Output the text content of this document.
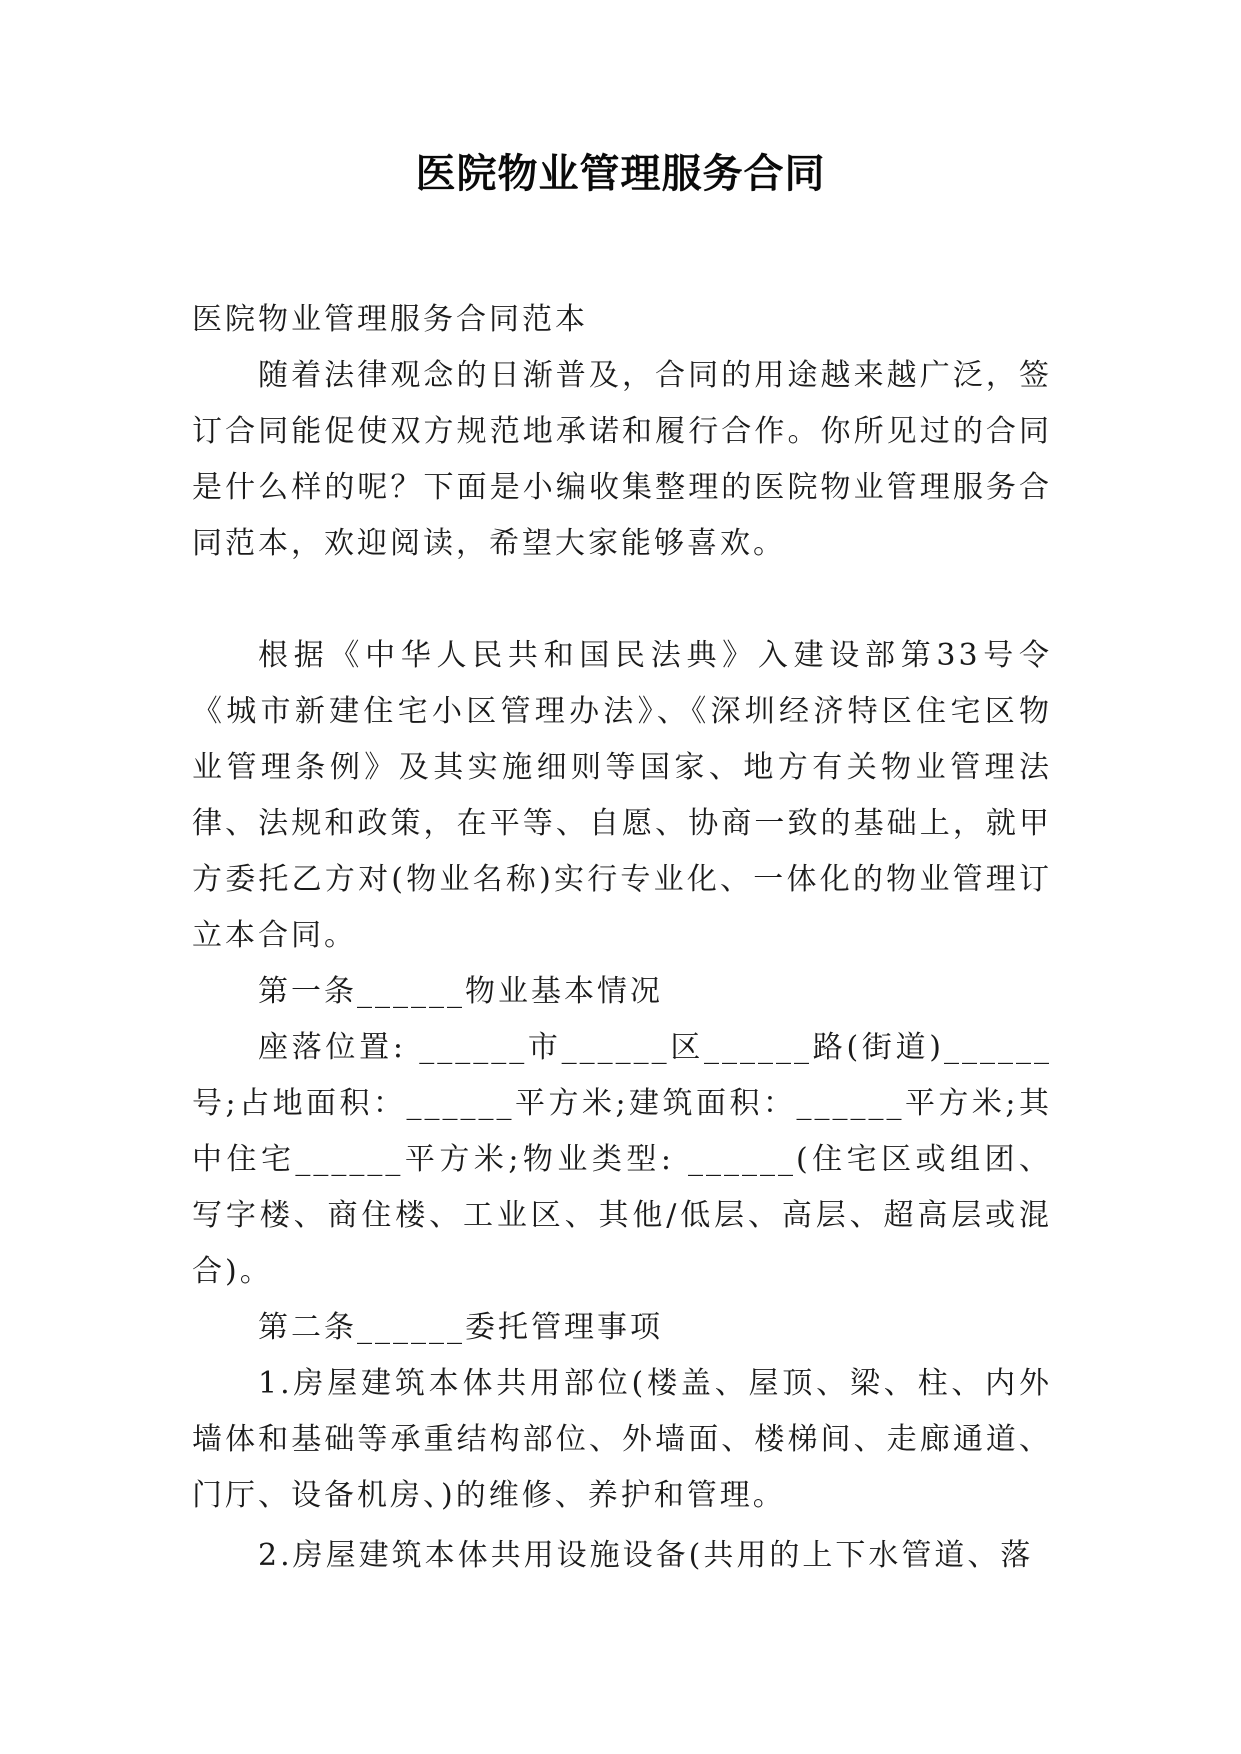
医院物业管理服务合同

医院物业管理服务合同范本

随着法律观念的日渐普及，合同的用途越来越广泛，签订合同能促使双方规范地承诺和履行合作。你所见过的合同是什么样的呢？下面是小编收集整理的医院物业管理服务合同范本，欢迎阅读，希望大家能够喜欢。

根据《中华人民共和国民法典》入建设部第33号令《城市新建住宅小区管理办法》、《深圳经济特区住宅区物业管理条例》及其实施细则等国家、地方有关物业管理法律、法规和政策，在平等、自愿、协商一致的基础上，就甲方委托乙方对(物业名称)实行专业化、一体化的物业管理订立本合同。

第一条______物业基本情况

座落位置: ______市______区______路(街道)______号;占地面积：______平方米;建筑面积：______平方米;其中住宅______平方米;物业类型: ______(住宅区或组团、写字楼、商住楼、工业区、其他/低层、高层、超高层或混合)。

第二条______委托管理事项

1.房屋建筑本体共用部位(楼盖、屋顶、梁、柱、内外墙体和基础等承重结构部位、外墙面、楼梯间、走廊通道、门厅、设备机房、)的维修、养护和管理。

2.房屋建筑本体共用设施设备(共用的上下水管道、落
